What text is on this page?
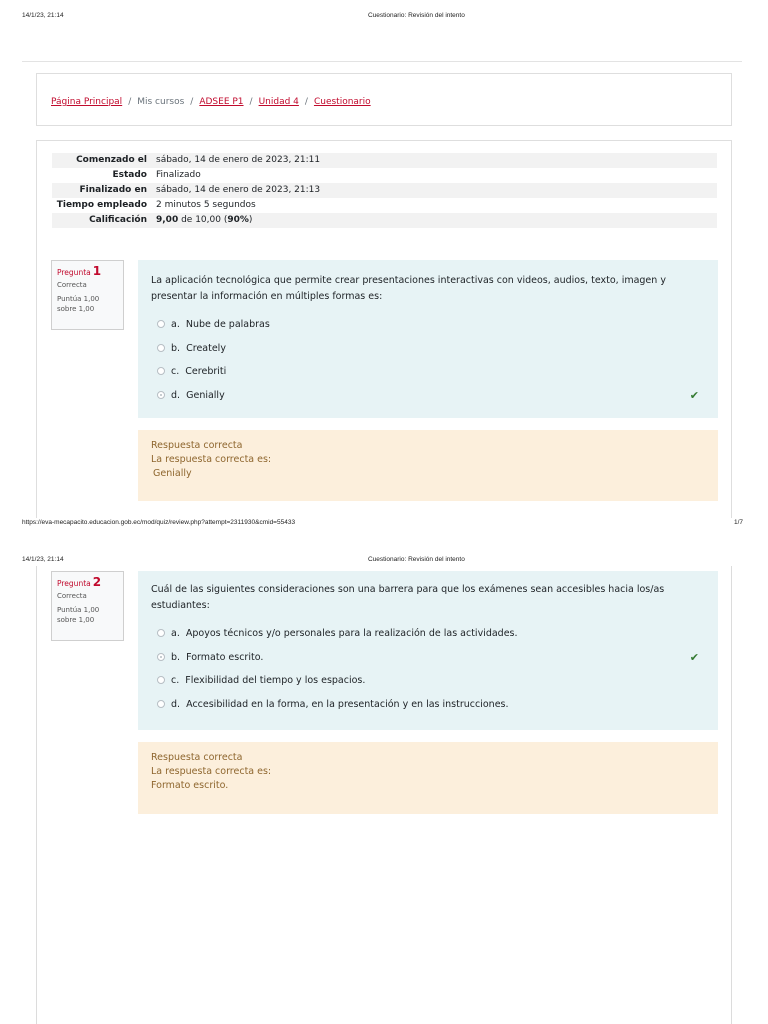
14/1/23, 21:14	Cuestionario: Revisión del intento
Página Principal / Mis cursos / ADSEE P1 / Unidad 4 / Cuestionario
Comenzado el	sábado, 14 de enero de 2023, 21:11
Estado	Finalizado
Finalizado en	sábado, 14 de enero de 2023, 21:13
Tiempo empleado	2 minutos 5 segundos
Calificación	9,00 de 10,00 (90%)
Pregunta 1
Correcta
Puntúa 1,00
sobre 1,00

La aplicación tecnológica que permite crear presentaciones interactivas con videos, audios, texto, imagen y presentar la información en múltiples formas es:

a. Nube de palabras
b. Creately
c. Cerebriti
d. Genially	✔
Respuesta correcta
La respuesta correcta es:
Genially
https://eva-mecapacito.educacion.gob.ec/mod/quiz/review.php?attempt=2311930&cmid=55433	1/7
14/1/23, 21:14	Cuestionario: Revisión del intento
Pregunta 2
Correcta
Puntúa 1,00
sobre 1,00

Cuál de las siguientes consideraciones son una barrera para que los exámenes sean accesibles hacia los/as estudiantes:

a. Apoyos técnicos y/o personales para la realización de las actividades.
b. Formato escrito.	✔
c. Flexibilidad del tiempo y los espacios.
d. Accesibilidad en la forma, en la presentación y en las instrucciones.
Respuesta correcta
La respuesta correcta es:
Formato escrito.
